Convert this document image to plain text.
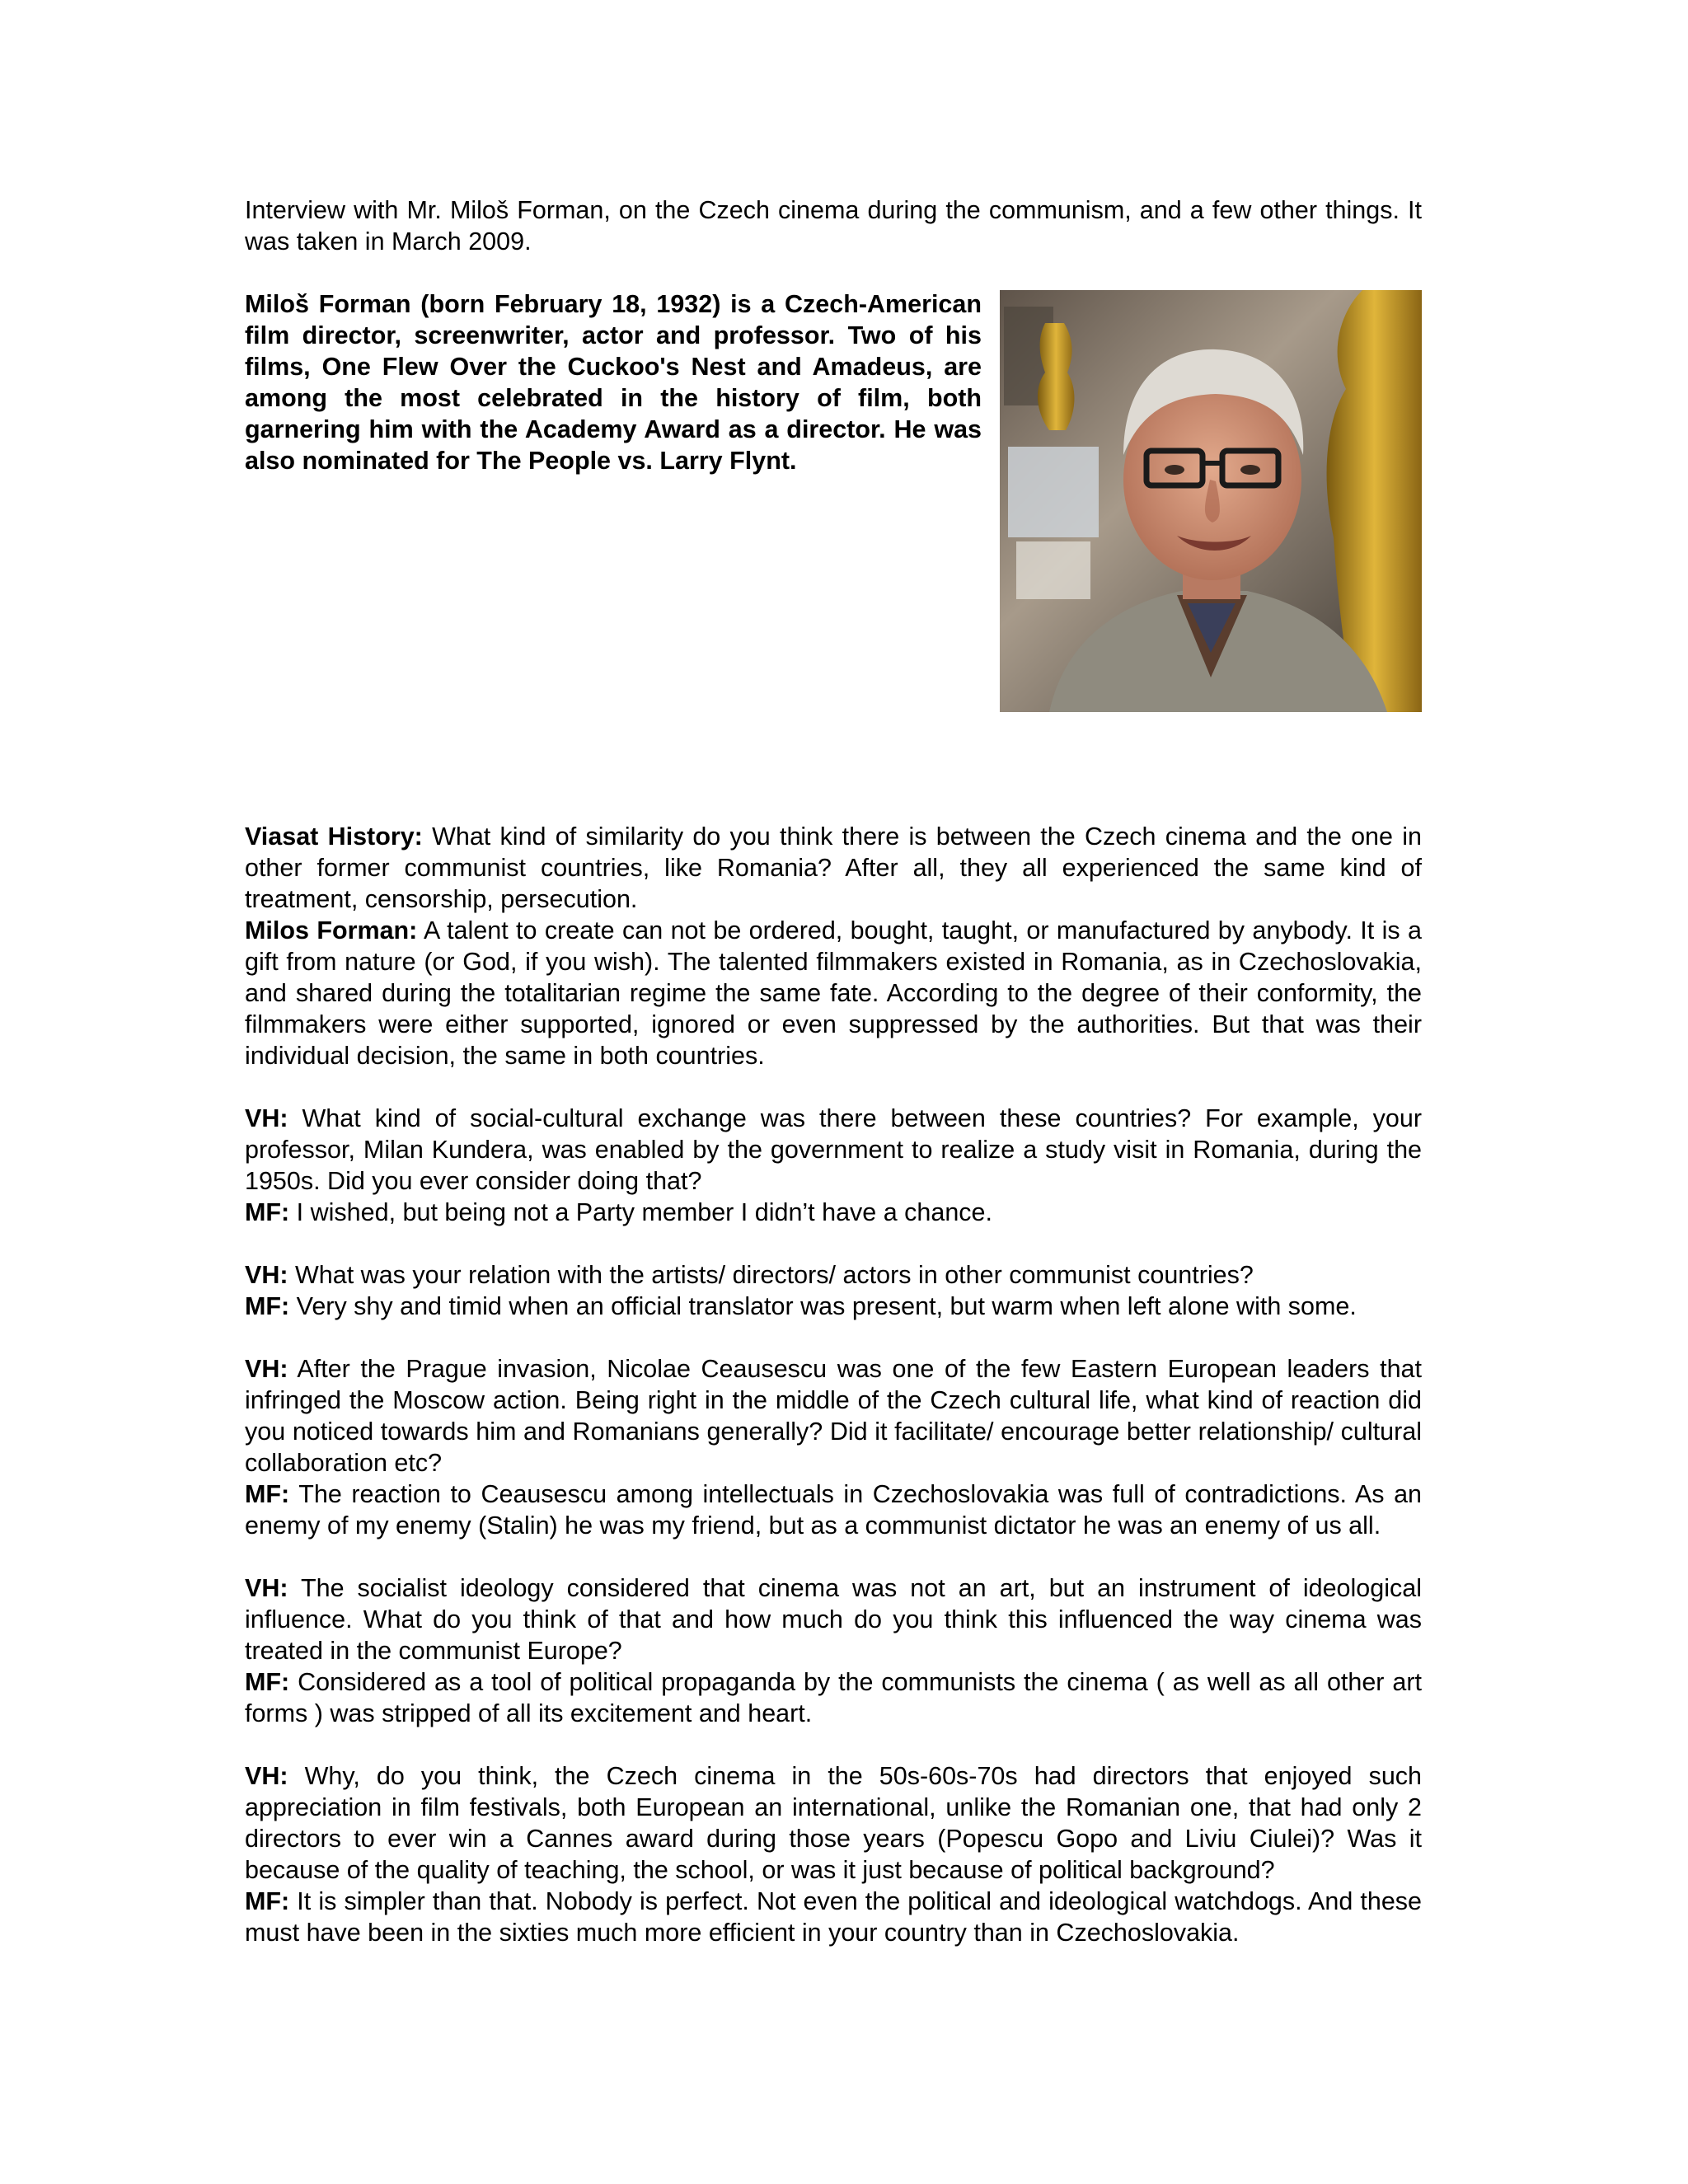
Interview with Mr. Miloš Forman, on the Czech cinema during the communism, and a few other things. It was taken in March 2009.

Miloš Forman (born February 18, 1932) is a Czech-American film director, screenwriter, actor and professor. Two of his films, One Flew Over the Cuckoo's Nest and Amadeus, are among the most celebrated in the history of film, both garnering him with the Academy Award as a director. He was also nominated for The People vs. Larry Flynt.

Viasat History: What kind of similarity do you think there is between the Czech cinema and the one in other former communist countries, like Romania? After all, they all experienced the same kind of treatment, censorship, persecution.

Milos Forman: A talent to create can not be ordered, bought, taught, or manufactured by anybody. It is a gift from nature (or God, if you wish). The talented filmmakers existed in Romania, as in Czechoslovakia, and shared during the totalitarian regime the same fate. According to the degree of their conformity, the filmmakers were either supported, ignored or even suppressed by the authorities. But that was their individual decision, the same in both countries.

VH: What kind of social-cultural exchange was there between these countries? For example, your professor, Milan Kundera, was enabled by the government to realize a study visit in Romania, during the 1950s. Did you ever consider doing that?

MF: I wished, but being not a Party member I didn’t have a chance.

VH: What was your relation with the artists/ directors/ actors in other communist countries?

MF: Very shy and timid when an official translator was present, but warm when left alone with some.

VH: After the Prague invasion, Nicolae Ceausescu was one of the few Eastern European leaders that infringed the Moscow action. Being right in the middle of the Czech cultural life, what kind of reaction did you noticed towards him and Romanians generally? Did it facilitate/ encourage better relationship/ cultural collaboration etc?

MF: The reaction to Ceausescu among intellectuals in Czechoslovakia was full of contradictions. As an enemy of my enemy (Stalin) he was my friend, but as a communist dictator he was an enemy of us all.

VH: The socialist ideology considered that cinema was not an art, but an instrument of ideological influence. What do you think of that and how much do you think this influenced the way cinema was treated in the communist Europe?

MF: Considered as a tool of political propaganda by the communists the cinema ( as well as all other art forms ) was stripped of all its excitement and heart.

VH: Why, do you think, the Czech cinema in the 50s-60s-70s had directors that enjoyed such appreciation in film festivals, both European an international, unlike the Romanian one, that had only 2 directors to ever win a Cannes award during those years (Popescu Gopo and Liviu Ciulei)? Was it because of the quality of teaching, the school, or was it just because of political background?

MF: It is simpler than that. Nobody is perfect. Not even the political and ideological watchdogs. And these must have been in the sixties much more efficient in your country than in Czechoslovakia.
